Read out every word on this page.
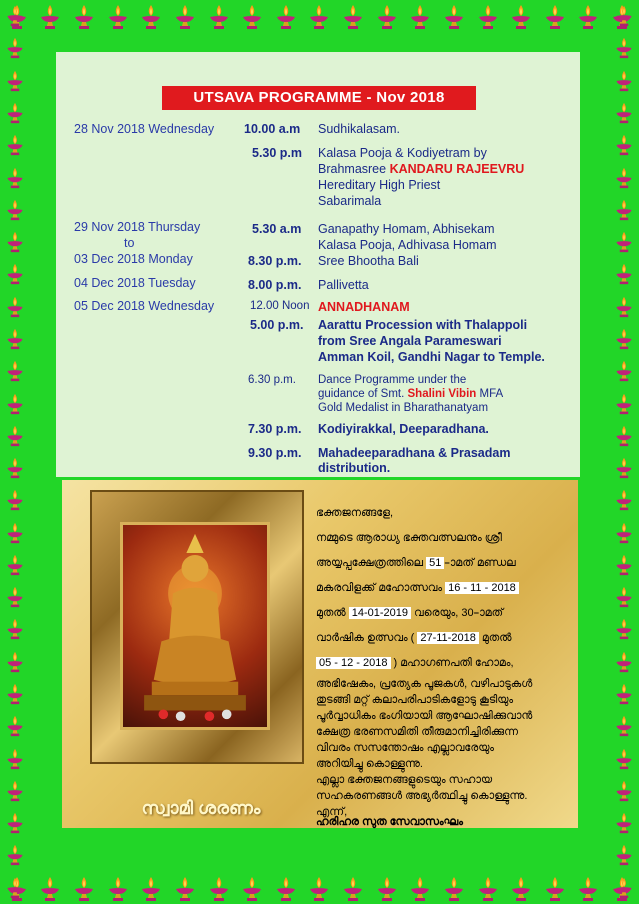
UTSAVA PROGRAMME - Nov 2018
28 Nov 2018 Wednesday 10.00 a.m Sudhikalasam.
5.30 p.m Kalasa Pooja & Kodiyetram by
Brahmasree KANDARU RAJEEVRU
Hereditary High Priest
Sabarimala
29 Nov 2018 Thursday
to
03 Dec 2018 Monday
5.30 a.m Ganapathy Homam, Abhisekam
Kalasa Pooja, Adhivasa Homam
8.30 p.m. Sree Bhootha Bali
04 Dec 2018 Tuesday	8.00 p.m. Pallivetta
05 Dec 2018 Wednesday	12.00 Noon ANNADHANAM
5.00 p.m. Aarattu Procession with Thalappoli
from Sree Angala Parameswari
Amman Koil, Gandhi Nagar to Temple.
6.30 p.m. Dance Programme under the
guidance of Smt. Shalini Vibin MFA
Gold Medalist in Bharathanatyam
7.30 p.m. Kodiyirakkal, Deeparadhana.
9.30 p.m. Mahadeeparadhana & Prasadam
distribution.
ഭക്തജനങ്ങളേ,
നമ്മുടെ ആരാധ്യ ഭക്തവത്സലനും ശ്രീ
അയ്യപ്പക്ഷേത്രത്തിലെ 51 –ാമത് മണ്ഡല
മകരവിളക്ക് മഹോത്സവം 16 - 11 - 2018
മുതൽ 14-01-2019 വരെയും, 30–ാമത്
വാർഷിക ഉത്സവം ( 27-11-2018 മുതൽ
05 - 12 - 2018 ) മഹാഗണപതി ഹോമം,
അഭിഷേകം, പ്രത്യേക പൂജകൾ, വഴിപാടുകൾ
തുടങ്ങി മറ്റ് കലാപരിപാടികളോടു കൂടിയും
പൂർവ്വാധികം ഭംഗിയായി ആഘോഷിക്കുവാൻ
ക്ഷേത്ര ഭരണസമിതി തീരുമാനിച്ചിരിക്കുന്ന
വിവരം സസന്തോഷം എല്ലാവരേയും
അറിയിച്ചു കൊള്ളുന്നു.
സ്വാമി ശരണം
എല്ലാ ഭക്തജനങ്ങളുടെയും സഹായ
സഹകരണങ്ങൾ അഭ്യർത്ഥിച്ചു കൊള്ളുന്നു.
എന്ന്,
ഹരിഹര സുത സേവാസംഘം
